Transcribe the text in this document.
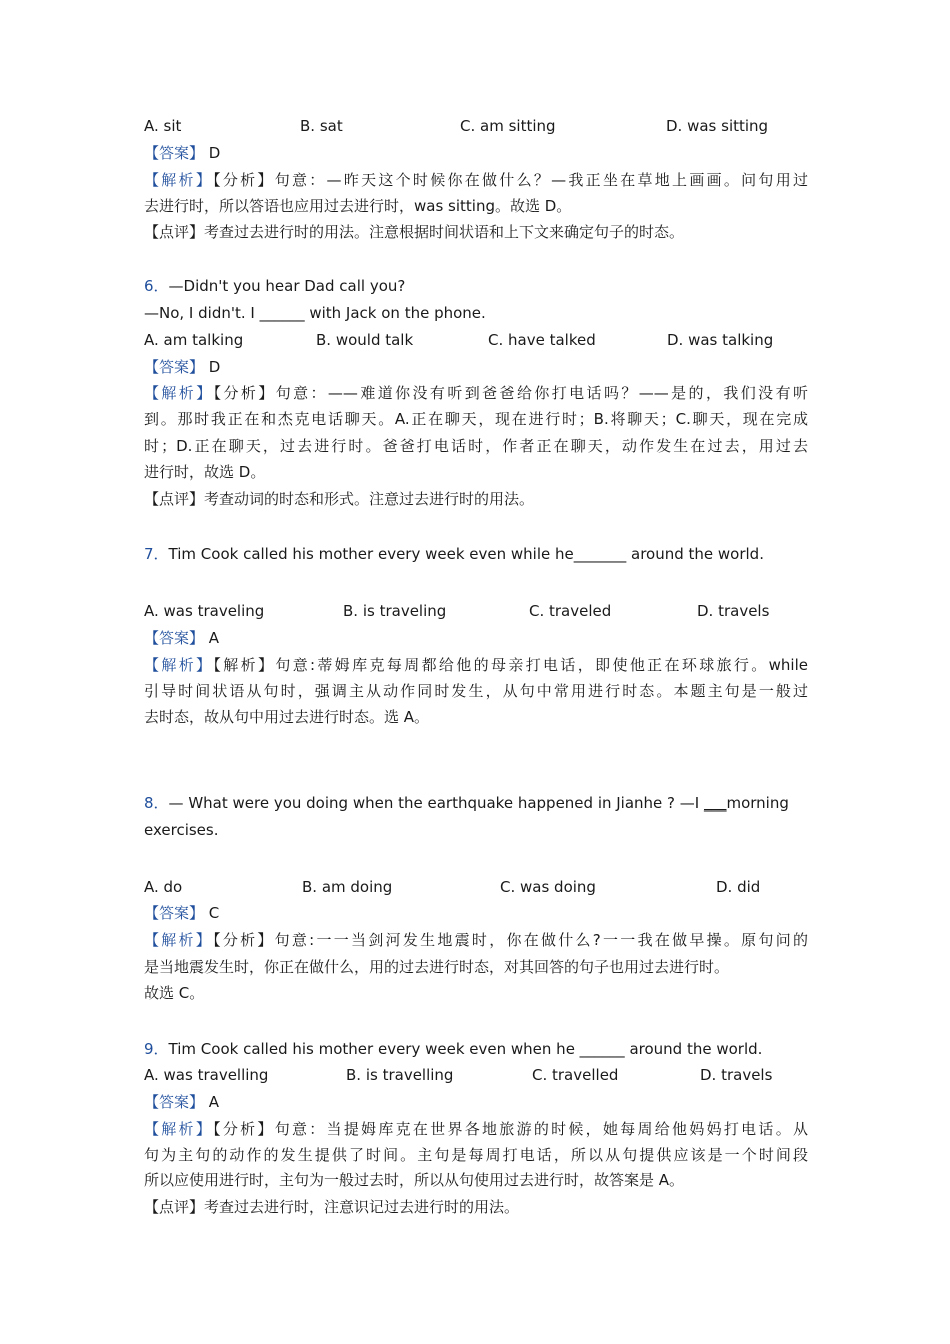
A. sit	B. sat	C. am sitting	D. was sitting
【答案】 D
【解析】【分析】句意：—昨天这个时候你在做什么？—我正坐在草地上画画。问句用过
去进行时，所以答语也应用过去进行时，was sitting。故选 D。
【点评】考查过去进行时的用法。注意根据时间状语和上下文来确定句子的时态。
6．—Didn't you hear Dad call you?
—No, I didn't. I ______ with Jack on the phone.
A. am talking	B. would talk	C. have talked	D. was talking
【答案】 D
【解析】【分析】句意：——难道你没有听到爸爸给你打电话吗？——是的，我们没有听
到。那时我正在和杰克电话聊天。A.正在聊天，现在进行时；B.将聊天；C.聊天，现在完成
时；D.正在聊天，过去进行时。爸爸打电话时，作者正在聊天，动作发生在过去，用过去
进行时，故选 D。
【点评】考查动词的时态和形式。注意过去进行时的用法。
7．Tim Cook called his mother every week even while he_______ around the world.
A. was traveling	B. is traveling	C. traveled	D. travels
【答案】 A
【解析】【解析】句意:蒂姆库克每周都给他的母亲打电话，即使他正在环球旅行。while
引导时间状语从句时，强调主从动作同时发生，从句中常用进行时态。本题主句是一般过
去时态，故从句中用过去进行时态。选 A。
8．— What were you doing when the earthquake happened in Jianhe ? —I ___morning
exercises.
A. do	B. am doing	C. was doing	D. did
【答案】 C
【解析】【分析】句意:一一当剑河发生地震时，你在做什么?一一我在做早操。原句问的
是当地震发生时，你正在做什么，用的过去进行时态，对其回答的句子也用过去进行时。
故选 C。
9．Tim Cook called his mother every week even when he ______ around the world.
A. was travelling	B. is travelling	C. travelled	D. travels
【答案】 A
【解析】【分析】句意：当提姆库克在世界各地旅游的时候，她每周给他妈妈打电话。从
句为主句的动作的发生提供了时间。主句是每周打电话，所以从句提供应该是一个时间段
所以应使用进行时，主句为一般过去时，所以从句使用过去进行时，故答案是 A。
【点评】考查过去进行时，注意识记过去进行时的用法。
